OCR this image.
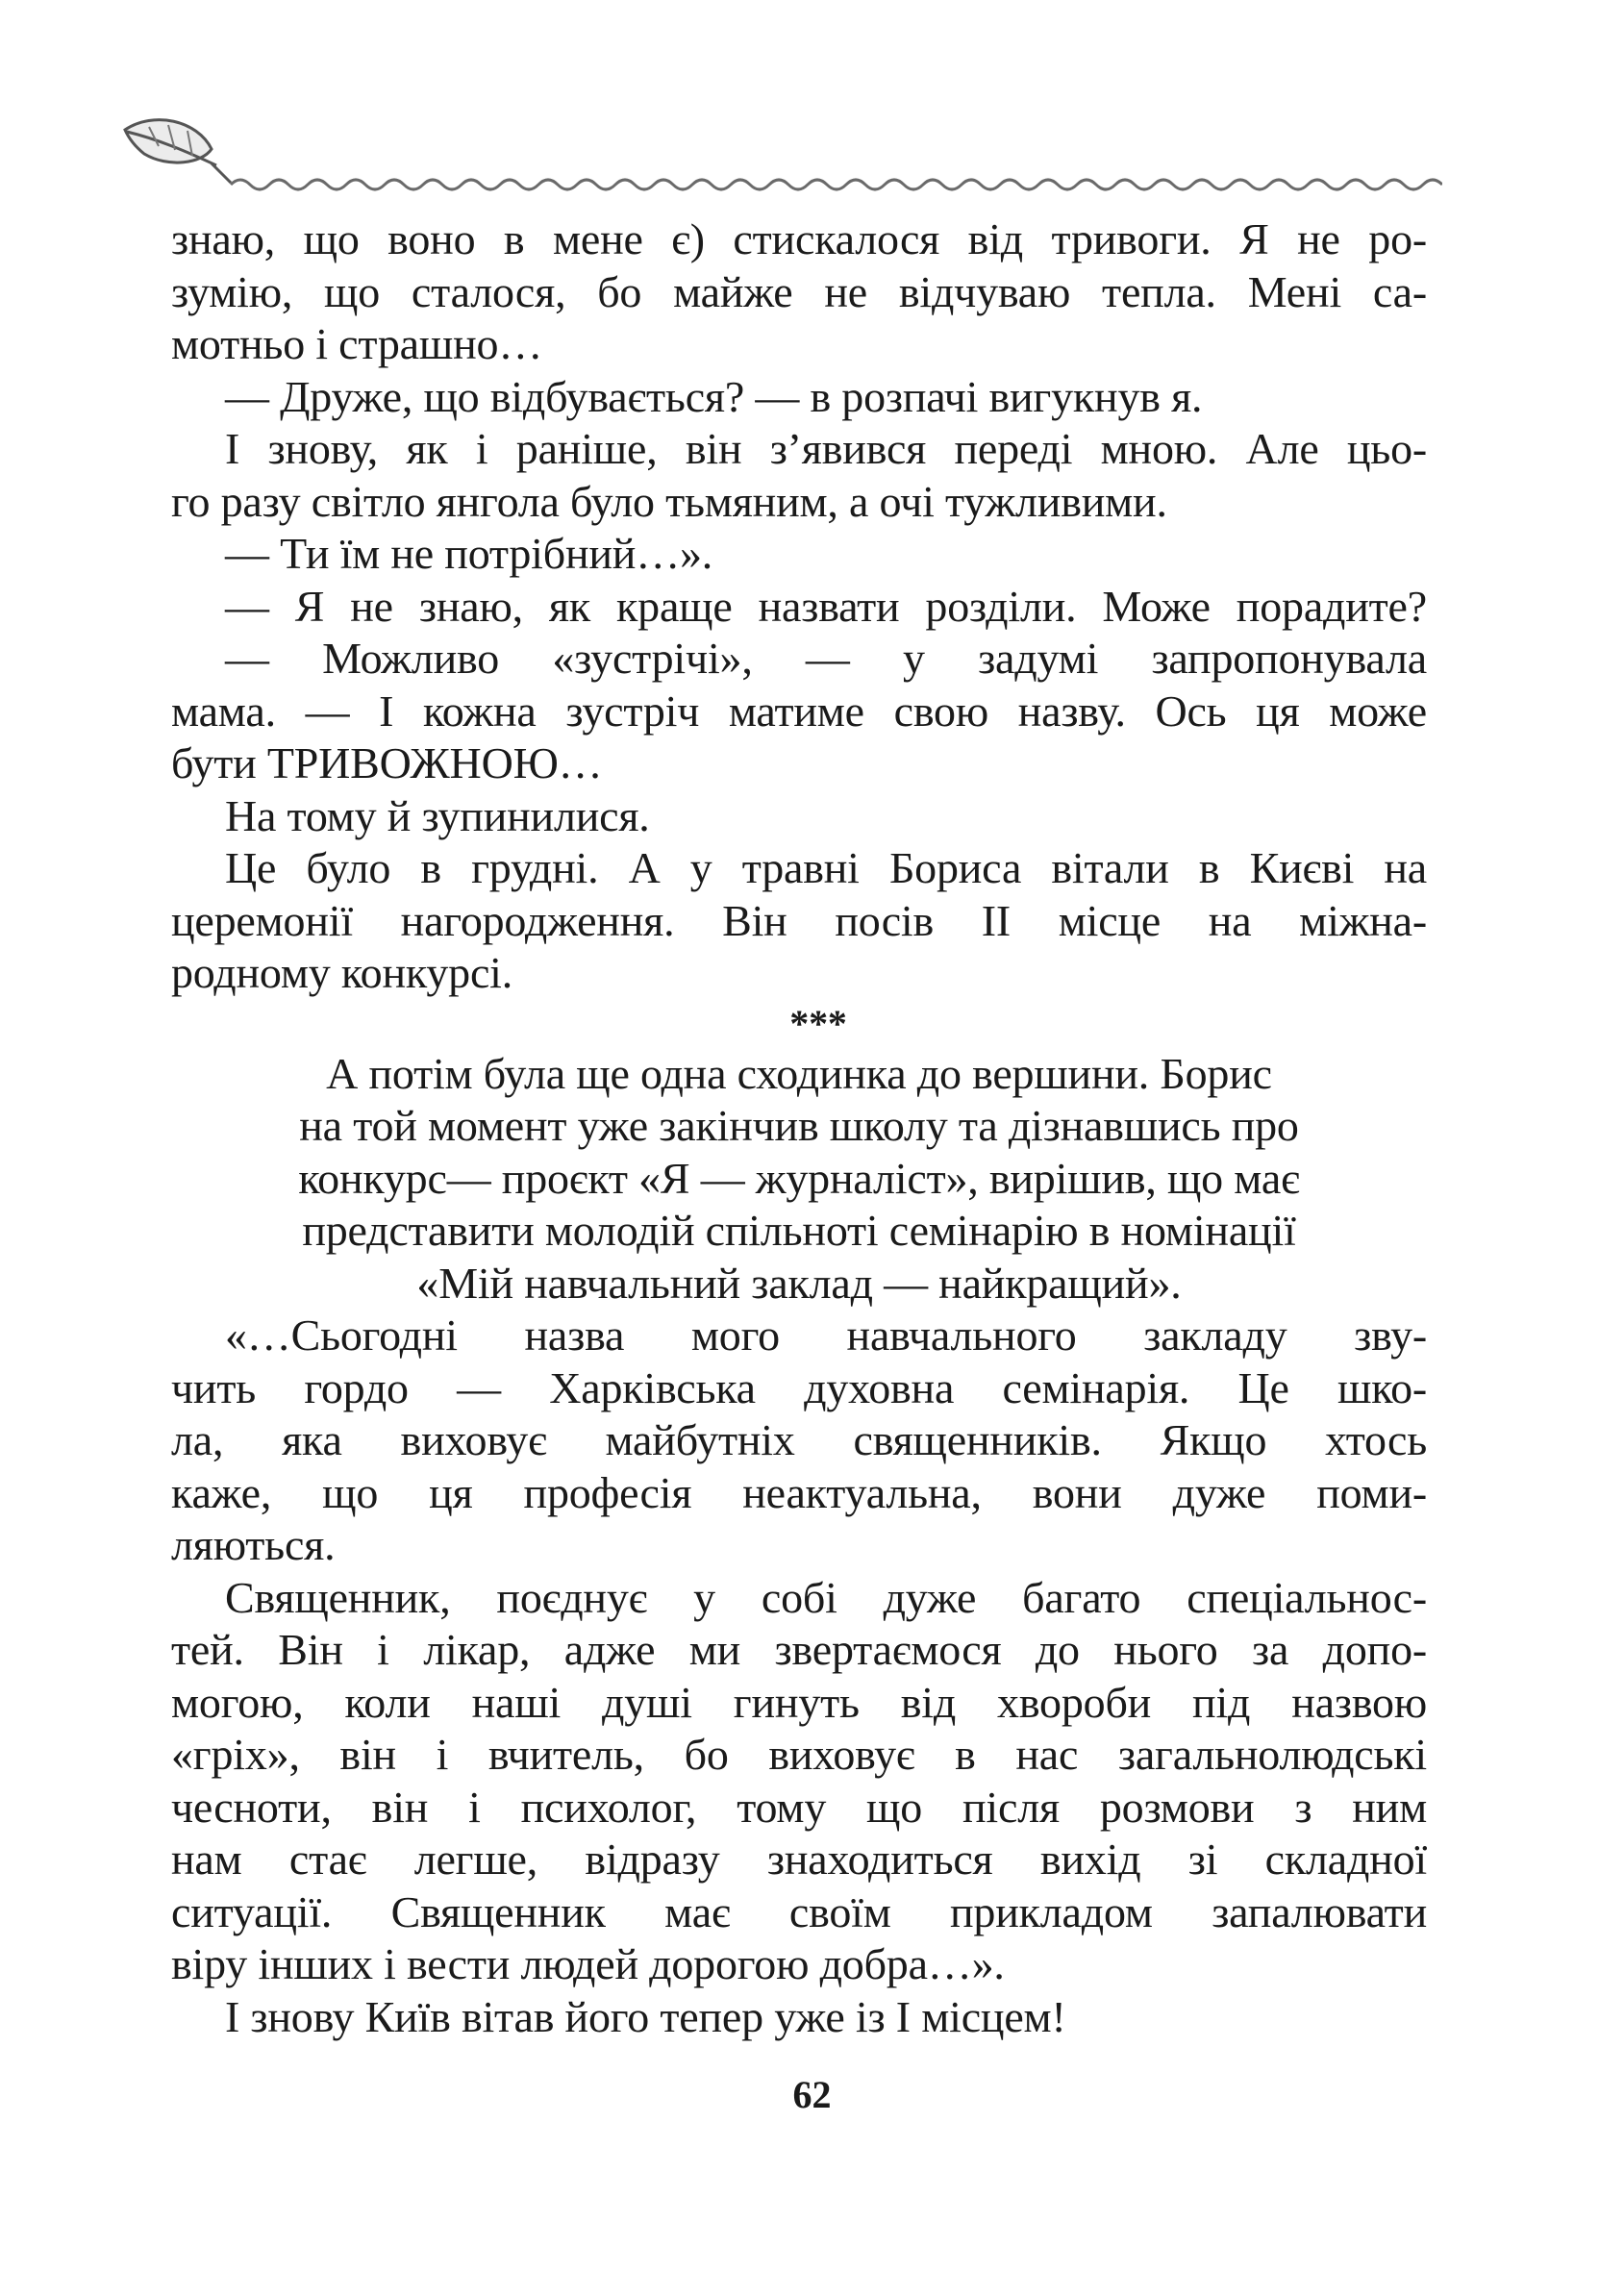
знаю, що воно в мене є) стискалося від тривоги. Я не ро-
зумію, що сталося, бо майже не відчуваю тепла. Мені са-
мотньо і страшно…
— Друже, що відбувається? — в розпачі вигукнув я.
І знову, як і раніше, він з’явився переді мною. Але цьо-
го разу світло янгола було тьмяним, а очі тужливими.
— Ти їм не потрібний…».
— Я не знаю, як краще назвати розділи. Може порадите?
— Можливо «зустрічі», — у задумі запропонувала
мама. — І кожна зустріч матиме свою назву. Ось ця може
бути ТРИВОЖНОЮ…
На тому й зупинилися.
Це було в грудні. А у травні Бориса вітали в Києві на
церемонії нагородження. Він посів ІІ місце на міжна-
родному конкурсі.
***
А потім була ще одна сходинка до вершини. Борис
на той момент уже закінчив школу та дізнавшись про
конкурс— проєкт «Я — журналіст», вирішив, що має
представити молодій спільноті семінарію в номінації
«Мій навчальний заклад — найкращий».
«…Сьогодні назва мого навчального закладу зву-
чить гордо — Харківська духовна семінарія. Це шко-
ла, яка виховує майбутніх священників. Якщо хтось
каже, що ця професія неактуальна, вони дуже поми-
ляються.
Священник, поєднує у собі дуже багато спеціальнос-
тей. Він і лікар, адже ми звертаємося до нього за допо-
могою, коли наші душі гинуть від хвороби під назвою
«гріх», він і вчитель, бо виховує в нас загальнолюдські
чесноти, він і психолог, тому що після розмови з ним
нам стає легше, відразу знаходиться вихід зі складної
ситуації. Священник має своїм прикладом запалювати
віру інших і вести людей дорогою добра…».
І знову Київ вітав його тепер уже із І місцем!
62
